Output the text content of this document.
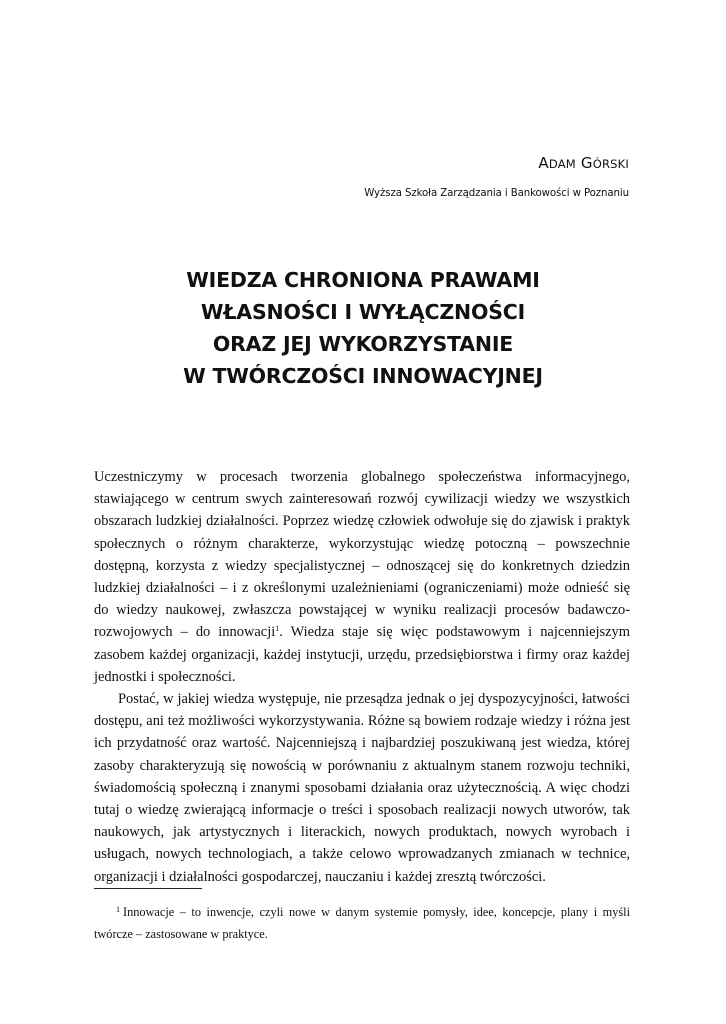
ADAM GÓRSKI
Wyższa Szkoła Zarządzania i Bankowości w Poznaniu
WIEDZA CHRONIONA PRAWAMI
WŁASNOŚCI I WYŁĄCZNOŚCI
ORAZ JEJ WYKORZYSTANIE
W TWÓRCZOŚCI INNOWACYJNEJ

Uczestniczymy w procesach tworzenia globalnego społeczeństwa informacyjnego, stawiającego w centrum swych zainteresowań rozwój cywilizacji wiedzy we wszystkich obszarach ludzkiej działalności. Poprzez wiedzę człowiek odwołuje się do zjawisk i praktyk społecznych o różnym charakterze, wykorzystując wiedzę potoczną – powszechnie dostępną, korzysta z wiedzy specjalistycznej – odnoszącej się do konkretnych dziedzin ludzkiej działalności – i z określonymi uzależnieniami (ograniczeniami) może odnieść się do wiedzy naukowej, zwłaszcza powstającej w wyniku realizacji procesów badawczo-rozwojowych – do innowacji$^1$. Wiedza staje się więc podstawowym i najcenniejszym zasobem każdej organizacji, każdej instytucji, urzędu, przedsiębiorstwa i firmy oraz każdej jednostki i społeczności.

Postać, w jakiej wiedza występuje, nie przesądza jednak o jej dyspozycyjności, łatwości dostępu, ani też możliwości wykorzystywania. Różne są bowiem rodzaje wiedzy i różna jest ich przydatność oraz wartość. Najcenniejszą i najbardziej poszukiwaną jest wiedza, której zasoby charakteryzują się nowością w porównaniu z aktualnym stanem rozwoju techniki, świadomością społeczną i znanymi sposobami działania oraz użytecznością. A więc chodzi tutaj o wiedzę zwierającą informacje o treści i sposobach realizacji nowych utworów, tak naukowych, jak artystycznych i literackich, nowych produktach, nowych wyrobach i usługach, nowych technologiach, a także celowo wprowadzanych zmianach w technice, organizacji i działalności gospodarczej, nauczaniu i każdej zresztą twórczości.

$^1$ Innowacje – to inwencje, czyli nowe w danym systemie pomysły, idee, koncepcje, plany i myśli twórcze – zastosowane w praktyce.
